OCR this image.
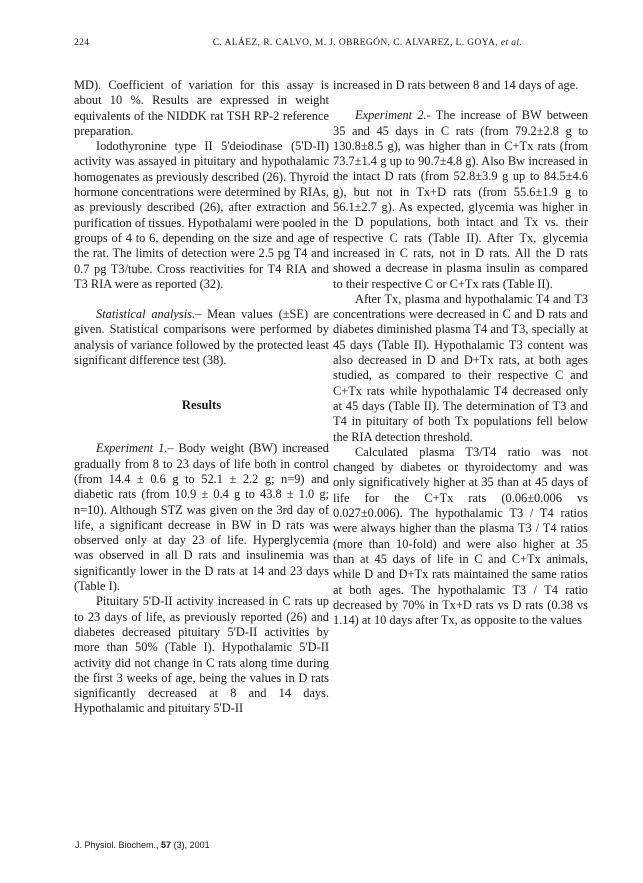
224	C. ALÁEZ, R. CALVO, M. J. OBREGÓN, C. ALVAREZ, L. GOYA, et al.

MD). Coefficient of variation for this assay is about 10 %. Results are expressed in weight equivalents of the NIDDK rat TSH RP-2 reference preparation.

Iodothyronine type II 5'deiodinase (5'D-II) activity was assayed in pituitary and hypothalamic homogenates as previously described (26). Thyroid hormone concentrations were determined by RIAs, as previously described (26), after extraction and purification of tissues. Hypothalami were pooled in groups of 4 to 6, depending on the size and age of the rat. The limits of detection were 2.5 pg T4 and 0.7 pg T3/tube. Cross reactivities for T4 RIA and T3 RIA were as reported (32).

Statistical analysis.– Mean values (±SE) are given. Statistical comparisons were performed by analysis of variance followed by the protected least significant difference test (38).

Results

Experiment 1.– Body weight (BW) increased gradually from 8 to 23 days of life both in control (from 14.4 ± 0.6 g to 52.1 ± 2.2 g; n=9) and diabetic rats (from 10.9 ± 0.4 g to 43.8 ± 1.0 g; n=10). Although STZ was given on the 3rd day of life, a significant decrease in BW in D rats was observed only at day 23 of life. Hyperglycemia was observed in all D rats and insulinemia was significantly lower in the D rats at 14 and 23 days (Table I).

Pituitary 5'D-II activity increased in C rats up to 23 days of life, as previously reported (26) and diabetes decreased pituitary 5'D-II activities by more than 50% (Table I). Hypothalamic 5'D-II activity did not change in C rats along time during the first 3 weeks of age, being the values in D rats significantly decreased at 8 and 14 days. Hypothalamic and pituitary 5'D-II

increased in D rats between 8 and 14 days of age.

Experiment 2.- The increase of BW between 35 and 45 days in C rats (from 79.2±2.8 g to 130.8±8.5 g), was higher than in C+Tx rats (from 73.7±1.4 g up to 90.7±4.8 g). Also Bw increased in the intact D rats (from 52.8±3.9 g up to 84.5±4.6 g), but not in Tx+D rats (from 55.6±1.9 g to 56.1±2.7 g). As expected, glycemia was higher in the D populations, both intact and Tx vs. their respective C rats (Table II). After Tx, glycemia increased in C rats, not in D rats. All the D rats showed a decrease in plasma insulin as compared to their respective C or C+Tx rats (Table II).

After Tx, plasma and hypothalamic T4 and T3 concentrations were decreased in C and D rats and diabetes diminished plasma T4 and T3, specially at 45 days (Table II). Hypothalamic T3 content was also decreased in D and D+Tx rats, at both ages studied, as compared to their respective C and C+Tx rats while hypothalamic T4 decreased only at 45 days (Table II). The determination of T3 and T4 in pituitary of both Tx populations fell below the RIA detection threshold.

Calculated plasma T3/T4 ratio was not changed by diabetes or thyroidectomy and was only significatively higher at 35 than at 45 days of life for the C+Tx rats (0.06±0.006 vs 0.027±0.006). The hypothalamic T3 / T4 ratios were always higher than the plasma T3 / T4 ratios (more than 10-fold) and were also higher at 35 than at 45 days of life in C and C+Tx animals, while D and D+Tx rats maintained the same ratios at both ages. The hypothalamic T3 / T4 ratio decreased by 70% in Tx+D rats vs D rats (0.38 vs 1.14) at 10 days after Tx, as opposite to the values

J. Physiol. Biochem., 57 (3), 2001
